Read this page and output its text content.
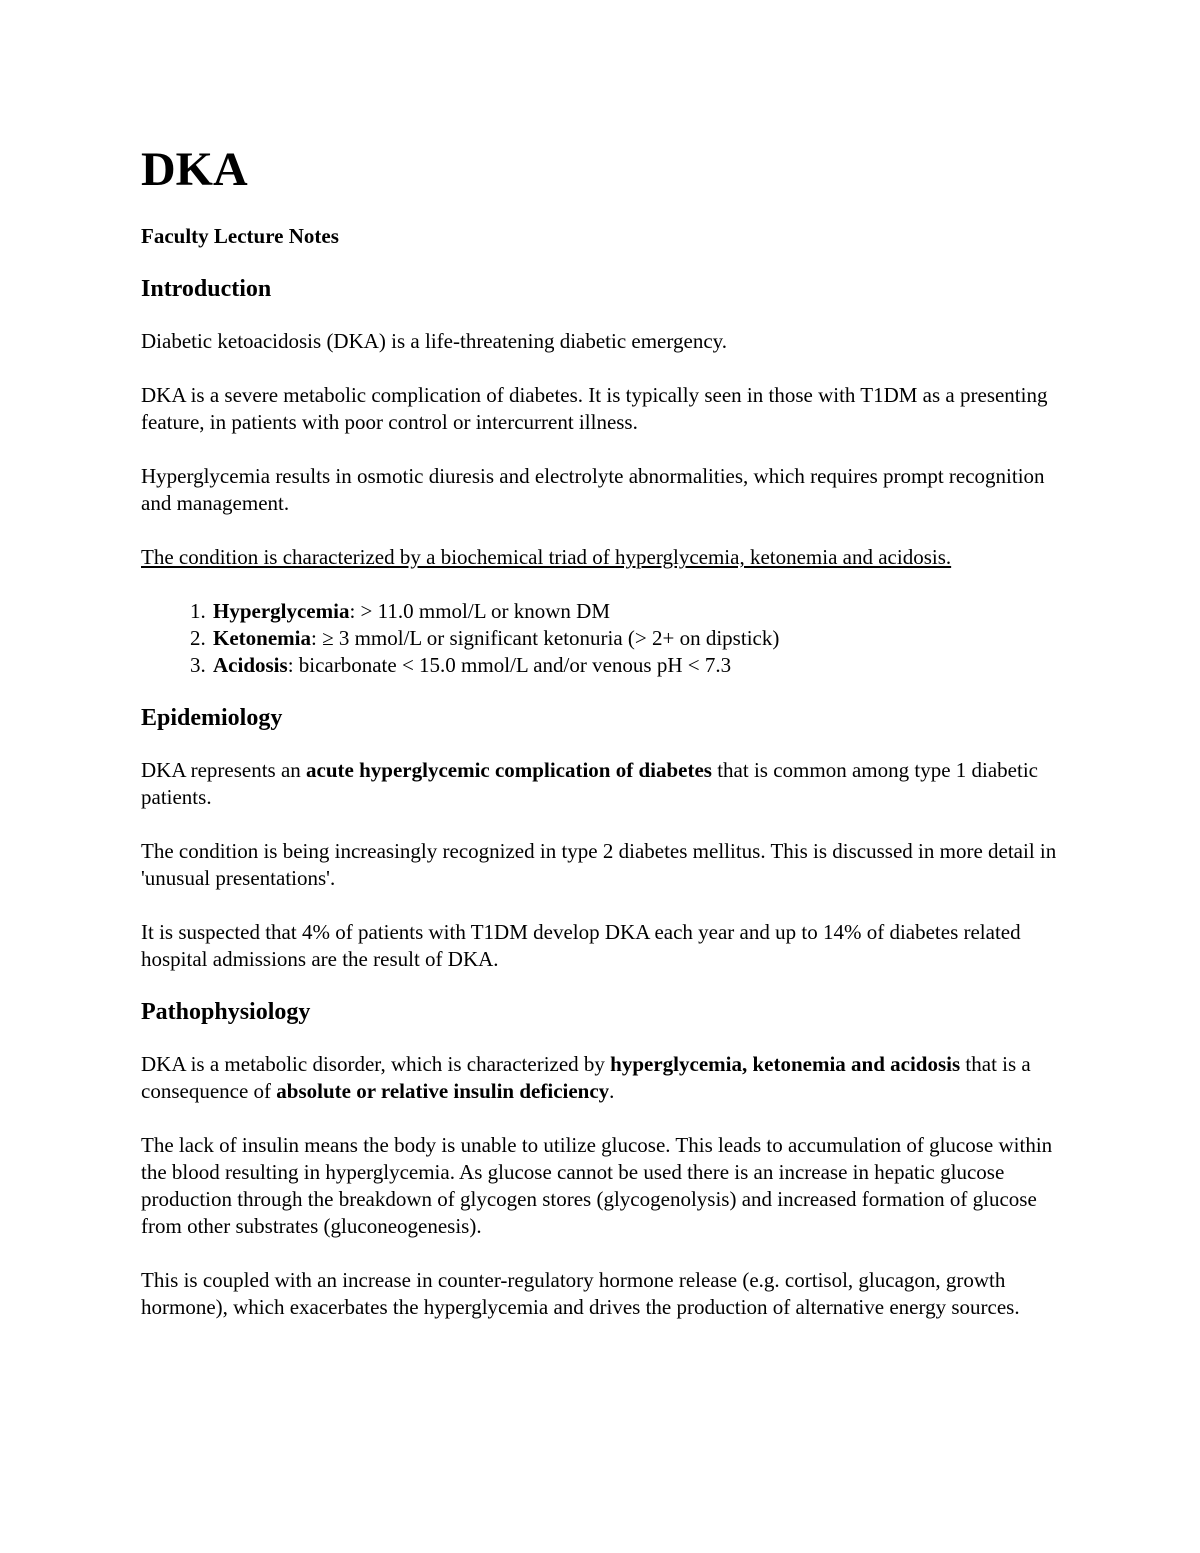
DKA

Faculty Lecture Notes

Introduction

Diabetic ketoacidosis (DKA) is a life-threatening diabetic emergency.

DKA is a severe metabolic complication of diabetes. It is typically seen in those with T1DM as a presenting feature, in patients with poor control or intercurrent illness.

Hyperglycemia results in osmotic diuresis and electrolyte abnormalities, which requires prompt recognition and management.

The condition is characterized by a biochemical triad of hyperglycemia, ketonemia and acidosis.

1. Hyperglycemia: > 11.0 mmol/L or known DM
2. Ketonemia: ≥ 3 mmol/L or significant ketonuria (> 2+ on dipstick)
3. Acidosis: bicarbonate < 15.0 mmol/L and/or venous pH < 7.3
Epidemiology

DKA represents an acute hyperglycemic complication of diabetes that is common among type 1 diabetic patients.

The condition is being increasingly recognized in type 2 diabetes mellitus. This is discussed in more detail in 'unusual presentations'.

It is suspected that 4% of patients with T1DM develop DKA each year and up to 14% of diabetes related hospital admissions are the result of DKA.

Pathophysiology

DKA is a metabolic disorder, which is characterized by hyperglycemia, ketonemia and acidosis that is a consequence of absolute or relative insulin deficiency.

The lack of insulin means the body is unable to utilize glucose. This leads to accumulation of glucose within the blood resulting in hyperglycemia. As glucose cannot be used there is an increase in hepatic glucose production through the breakdown of glycogen stores (glycogenolysis) and increased formation of glucose from other substrates (gluconeogenesis).

This is coupled with an increase in counter-regulatory hormone release (e.g. cortisol, glucagon, growth hormone), which exacerbates the hyperglycemia and drives the production of alternative energy sources.
